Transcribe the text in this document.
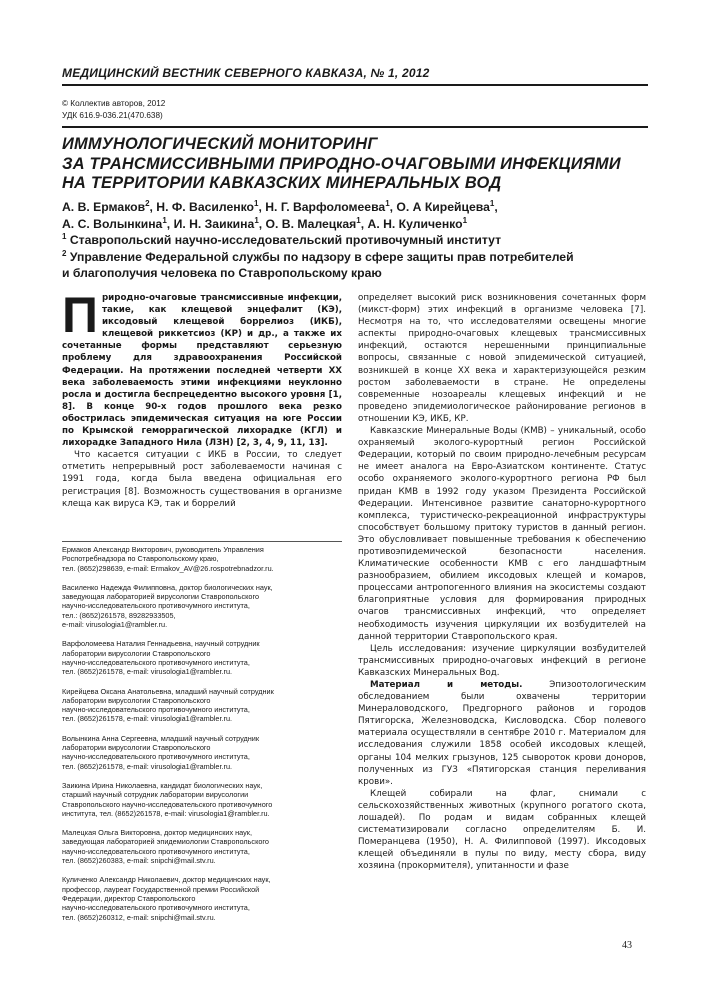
МЕДИЦИНСКИЙ ВЕСТНИК СЕВЕРНОГО КАВКАЗА, № 1, 2012
© Коллектив авторов, 2012
УДК 616.9-036.21(470.638)
ИММУНОЛОГИЧЕСКИЙ МОНИТОРИНГ
ЗА ТРАНСМИССИВНЫМИ ПРИРОДНО-ОЧАГОВЫМИ ИНФЕКЦИЯМИ
НА ТЕРРИТОРИИ КАВКАЗСКИХ МИНЕРАЛЬНЫХ ВОД
А. В. Ермаков$^2$, Н. Ф. Василенко$^1$, Н. Г. Варфоломеева$^1$, О. А Кирейцева$^1$,
А. С. Волынкина$^1$, И. Н. Заикина$^1$, О. В. Малецкая$^1$, А. Н. Куличенко$^1$
$^1$ Ставропольский научно-исследовательский противочумный институт
$^2$ Управление Федеральной службы по надзору в сфере защиты прав потребителей
и благополучия человека по Ставропольскому краю

Природно-очаговые трансмиссивные инфекции, такие, как клещевой энцефалит (КЭ), иксодовый клещевой боррелиоз (ИКБ), клещевой риккетсиоз (КР) и др., а также их сочетанные формы представляют серьезную проблему для здравоохранения Российской Федерации. На протяжении последней четверти XX века заболеваемость этими инфекциями неуклонно росла и достигла беспрецедентно высокого уровня [1, 8]. В конце 90-х годов прошлого века резко обострилась эпидемическая ситуация на юге России по Крымской геморрагической лихорадке (КГЛ) и лихорадке Западного Нила (ЛЗН) [2, 3, 4, 9, 11, 13].

Что касается ситуации с ИКБ в России, то следует отметить непрерывный рост заболеваемости начиная с 1991 года, когда была введена официальная его регистрация [8]. Возможность существования в организме клеща как вируса КЭ, так и боррелий

Ермаков Александр Викторович, руководитель Управления
Роспотребнадзора по Ставропольскому краю,
тел. (8652)298639, e-mail: Ermakov_AV@26.rospotrebnadzor.ru.
Василенко Надежда Филипповна, доктор биологических наук,
заведующая лабораторией вирусологии Ставропольского
научно-исследовательского противочумного института,
тел.: (8652)261578, 89282933505,
e-mail: virusologia1@rambler.ru.
Варфоломеева Наталия Геннадьевна, научный сотрудник
лаборатории вирусологии Ставропольского
научно-исследовательского противочумного института,
тел. (8652)261578, e-mail: virusologia1@rambler.ru.
Кирейцева Оксана Анатольевна, младший научный сотрудник
лаборатории вирусологии Ставропольского
научно-исследовательского противочумного института,
тел. (8652)261578, e-mail: virusologia1@rambler.ru.
Волынкина Анна Сергеевна, младший научный сотрудник
лаборатории вирусологии Ставропольского
научно-исследовательского противочумного института,
тел. (8652)261578, e-mail: virusologia1@rambler.ru.
Заикина Ирина Николаевна, кандидат биологических наук,
старший научный сотрудник лаборатории вирусологии
Ставропольского научно-исследовательского противочумного
института, тел. (8652)261578, e-mail: virusologia1@rambler.ru.
Малецкая Ольга Викторовна, доктор медицинских наук,
заведующая лабораторией эпидемиологии Ставропольского
научно-исследовательского противочумного института,
тел. (8652)260383, e-mail: snipchi@mail.stv.ru.
Куличенко Александр Николаевич, доктор медицинских наук,
профессор, лауреат Государственной премии Российской
Федерации, директор Ставропольского
научно-исследовательского противочумного института,
тел. (8652)260312, e-mail: snipchi@mail.stv.ru.

определяет высокий риск возникновения сочетанных форм (микст-форм) этих инфекций в организме человека [7]. Несмотря на то, что исследователями освещены многие аспекты природно-очаговых клещевых трансмиссивных инфекций, остаются нерешенными принципиальные вопросы, связанные с новой эпидемической ситуацией, возникшей в конце XX века и характеризующейся резким ростом заболеваемости в стране. Не определены современные нозоареалы клещевых инфекций и не проведено эпидемиологическое районирование регионов в отношении КЭ, ИКБ, КР.

Кавказские Минеральные Воды (КМВ) – уникальный, особо охраняемый эколого-курортный регион Российской Федерации, который по своим природно-лечебным ресурсам не имеет аналога на Евро-Азиатском континенте. Статус особо охраняемого эколого-курортного региона РФ был придан КМВ в 1992 году указом Президента Российской Федерации. Интенсивное развитие санаторно-курортного комплекса, туристическо-рекреационной инфраструктуры способствует большому притоку туристов в данный регион. Это обусловливает повышенные требования к обеспечению противоэпидемической безопасности населения. Климатические особенности КМВ с его ландшафтным разнообразием, обилием иксодовых клещей и комаров, процессами антропогенного влияния на экосистемы создают благоприятные условия для формирования природных очагов трансмиссивных инфекций, что определяет необходимость изучения циркуляции их возбудителей на данной территории Ставропольского края.

Цель исследования: изучение циркуляции возбудителей трансмиссивных природно-очаговых инфекций в регионе Кавказских Минеральных Вод.

Материал и методы. Эпизоотологическим обследованием были охвачены территории Минераловодского, Предгорного районов и городов Пятигорска, Железноводска, Кисловодска. Сбор полевого материала осуществляли в сентябре 2010 г. Материалом для исследования служили 1858 особей иксодовых клещей, органы 104 мелких грызунов, 125 сывороток крови доноров, полученных из ГУЗ «Пятигорская станция переливания крови».

Клещей собирали на флаг, снимали с сельскохозяйственных животных (крупного рогатого скота, лошадей). По родам и видам собранных клещей систематизировали согласно определителям Б. И. Померанцева (1950), Н. А. Филипповой (1997). Иксодовых клещей объединяли в пулы по виду, месту сбора, виду хозяина (прокормителя), упитанности и фазе

43
